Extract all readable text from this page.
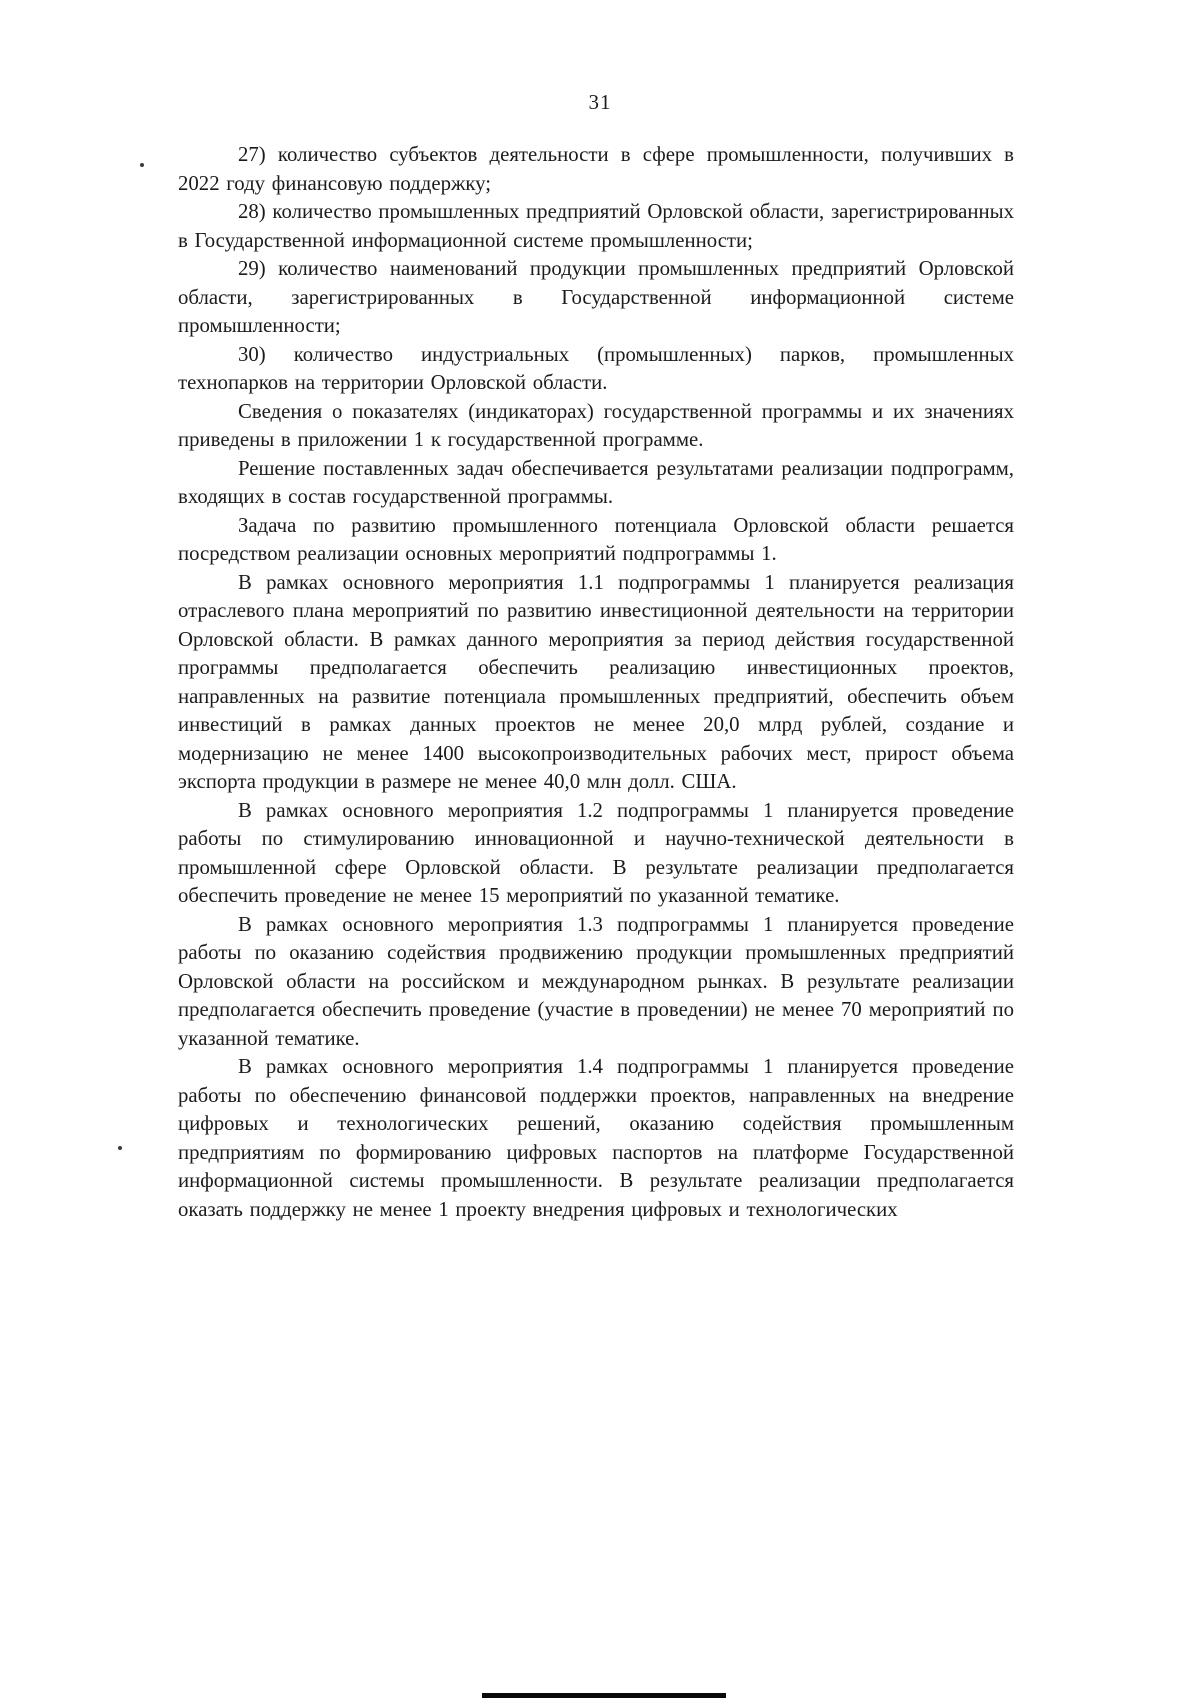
31

27) количество субъектов деятельности в сфере промышленности, получивших в 2022 году финансовую поддержку;

28) количество промышленных предприятий Орловской области, зарегистрированных в Государственной информационной системе промышленности;

29) количество наименований продукции промышленных предприятий Орловской области, зарегистрированных в Государственной информационной системе промышленности;

30) количество индустриальных (промышленных) парков, промышленных технопарков на территории Орловской области.

Сведения о показателях (индикаторах) государственной программы и их значениях приведены в приложении 1 к государственной программе.

Решение поставленных задач обеспечивается результатами реализации подпрограмм, входящих в состав государственной программы.

Задача по развитию промышленного потенциала Орловской области решается посредством реализации основных мероприятий подпрограммы 1.

В рамках основного мероприятия 1.1 подпрограммы 1 планируется реализация отраслевого плана мероприятий по развитию инвестиционной деятельности на территории Орловской области. В рамках данного мероприятия за период действия государственной программы предполагается обеспечить реализацию инвестиционных проектов, направленных на развитие потенциала промышленных предприятий, обеспечить объем инвестиций в рамках данных проектов не менее 20,0 млрд рублей, создание и модернизацию не менее 1400 высокопроизводительных рабочих мест, прирост объема экспорта продукции в размере не менее 40,0 млн долл. США.

В рамках основного мероприятия 1.2 подпрограммы 1 планируется проведение работы по стимулированию инновационной и научно-технической деятельности в промышленной сфере Орловской области. В результате реализации предполагается обеспечить проведение не менее 15 мероприятий по указанной тематике.

В рамках основного мероприятия 1.3 подпрограммы 1 планируется проведение работы по оказанию содействия продвижению продукции промышленных предприятий Орловской области на российском и международном рынках. В результате реализации предполагается обеспечить проведение (участие в проведении) не менее 70 мероприятий по указанной тематике.

В рамках основного мероприятия 1.4 подпрограммы 1 планируется проведение работы по обеспечению финансовой поддержки проектов, направленных на внедрение цифровых и технологических решений, оказанию содействия промышленным предприятиям по формированию цифровых паспортов на платформе Государственной информационной системы промышленности. В результате реализации предполагается оказать поддержку не менее 1 проекту внедрения цифровых и технологических
